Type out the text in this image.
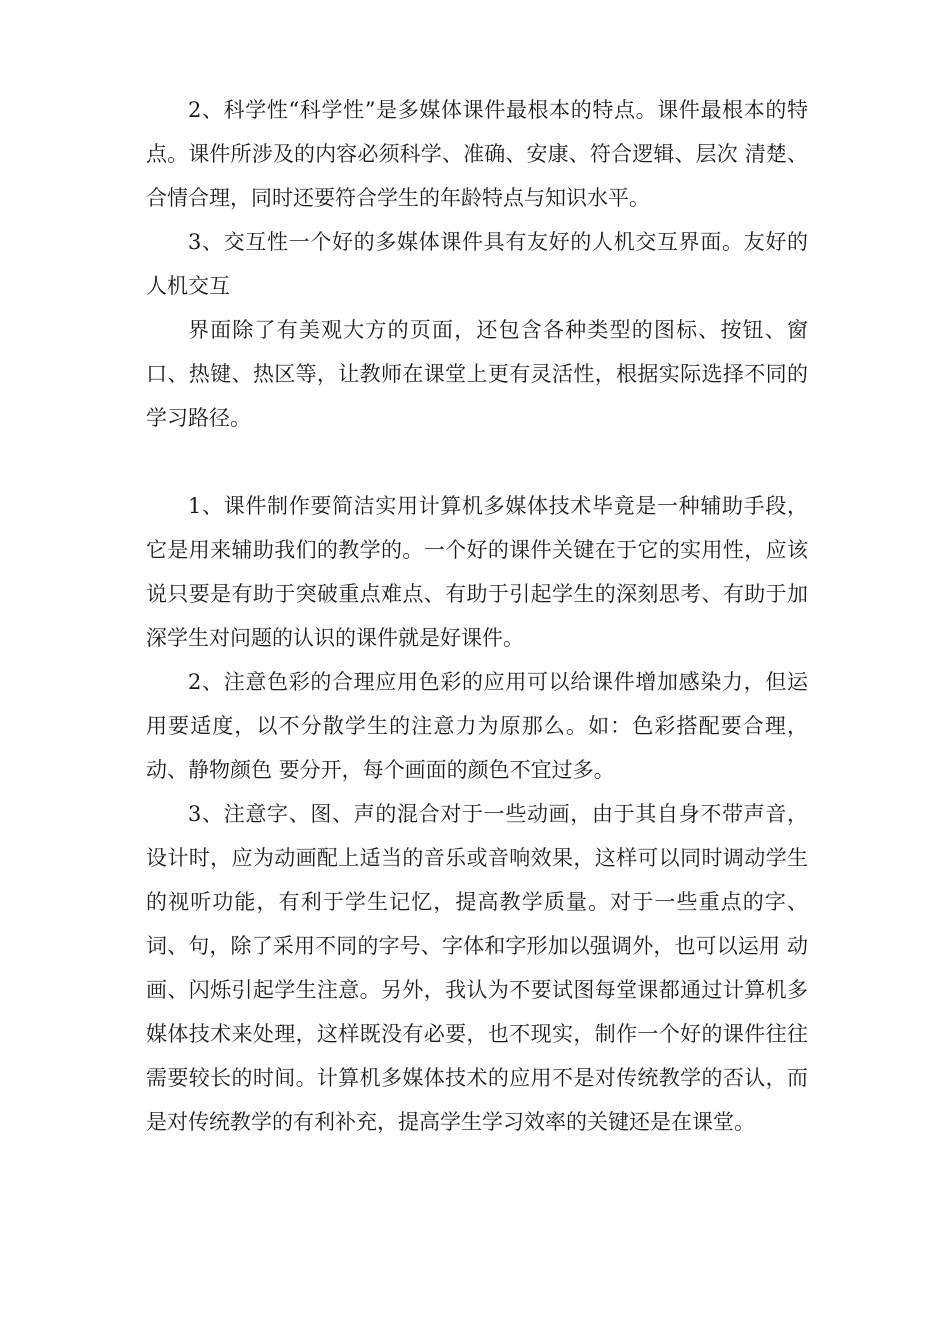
2、科学性“科学性”是多媒体课件最根本的特点。课件最根本的特点。课件所涉及的内容必须科学、准确、安康、符合逻辑、层次 清楚、合情合理，同时还要符合学生的年龄特点与知识水平。

3、交互性一个好的多媒体课件具有友好的人机交互界面。友好的人机交互

界面除了有美观大方的页面，还包含各种类型的图标、按钮、窗口、热键、热区等，让教师在课堂上更有灵活性，根据实际选择不同的学习路径。

1、课件制作要简洁实用计算机多媒体技术毕竟是一种辅助手段，它是用来辅助我们的教学的。一个好的课件关键在于它的实用性，应该说只要是有助于突破重点难点、有助于引起学生的深刻思考、有助于加深学生对问题的认识的课件就是好课件。

2、注意色彩的合理应用色彩的应用可以给课件增加感染力，但运用要适度，以不分散学生的注意力为原那么。如：色彩搭配要合理，动、静物颜色 要分开，每个画面的颜色不宜过多。

3、注意字、图、声的混合对于一些动画，由于其自身不带声音，设计时，应为动画配上适当的音乐或音响效果，这样可以同时调动学生的视听功能，有利于学生记忆，提高教学质量。对于一些重点的字、词、句，除了采用不同的字号、字体和字形加以强调外，也可以运用 动画、闪烁引起学生注意。另外，我认为不要试图每堂课都通过计算机多媒体技术来处理，这样既没有必要，也不现实，制作一个好的课件往往需要较长的时间。计算机多媒体技术的应用不是对传统教学的否认，而是对传统教学的有利补充，提高学生学习效率的关键还是在课堂。
